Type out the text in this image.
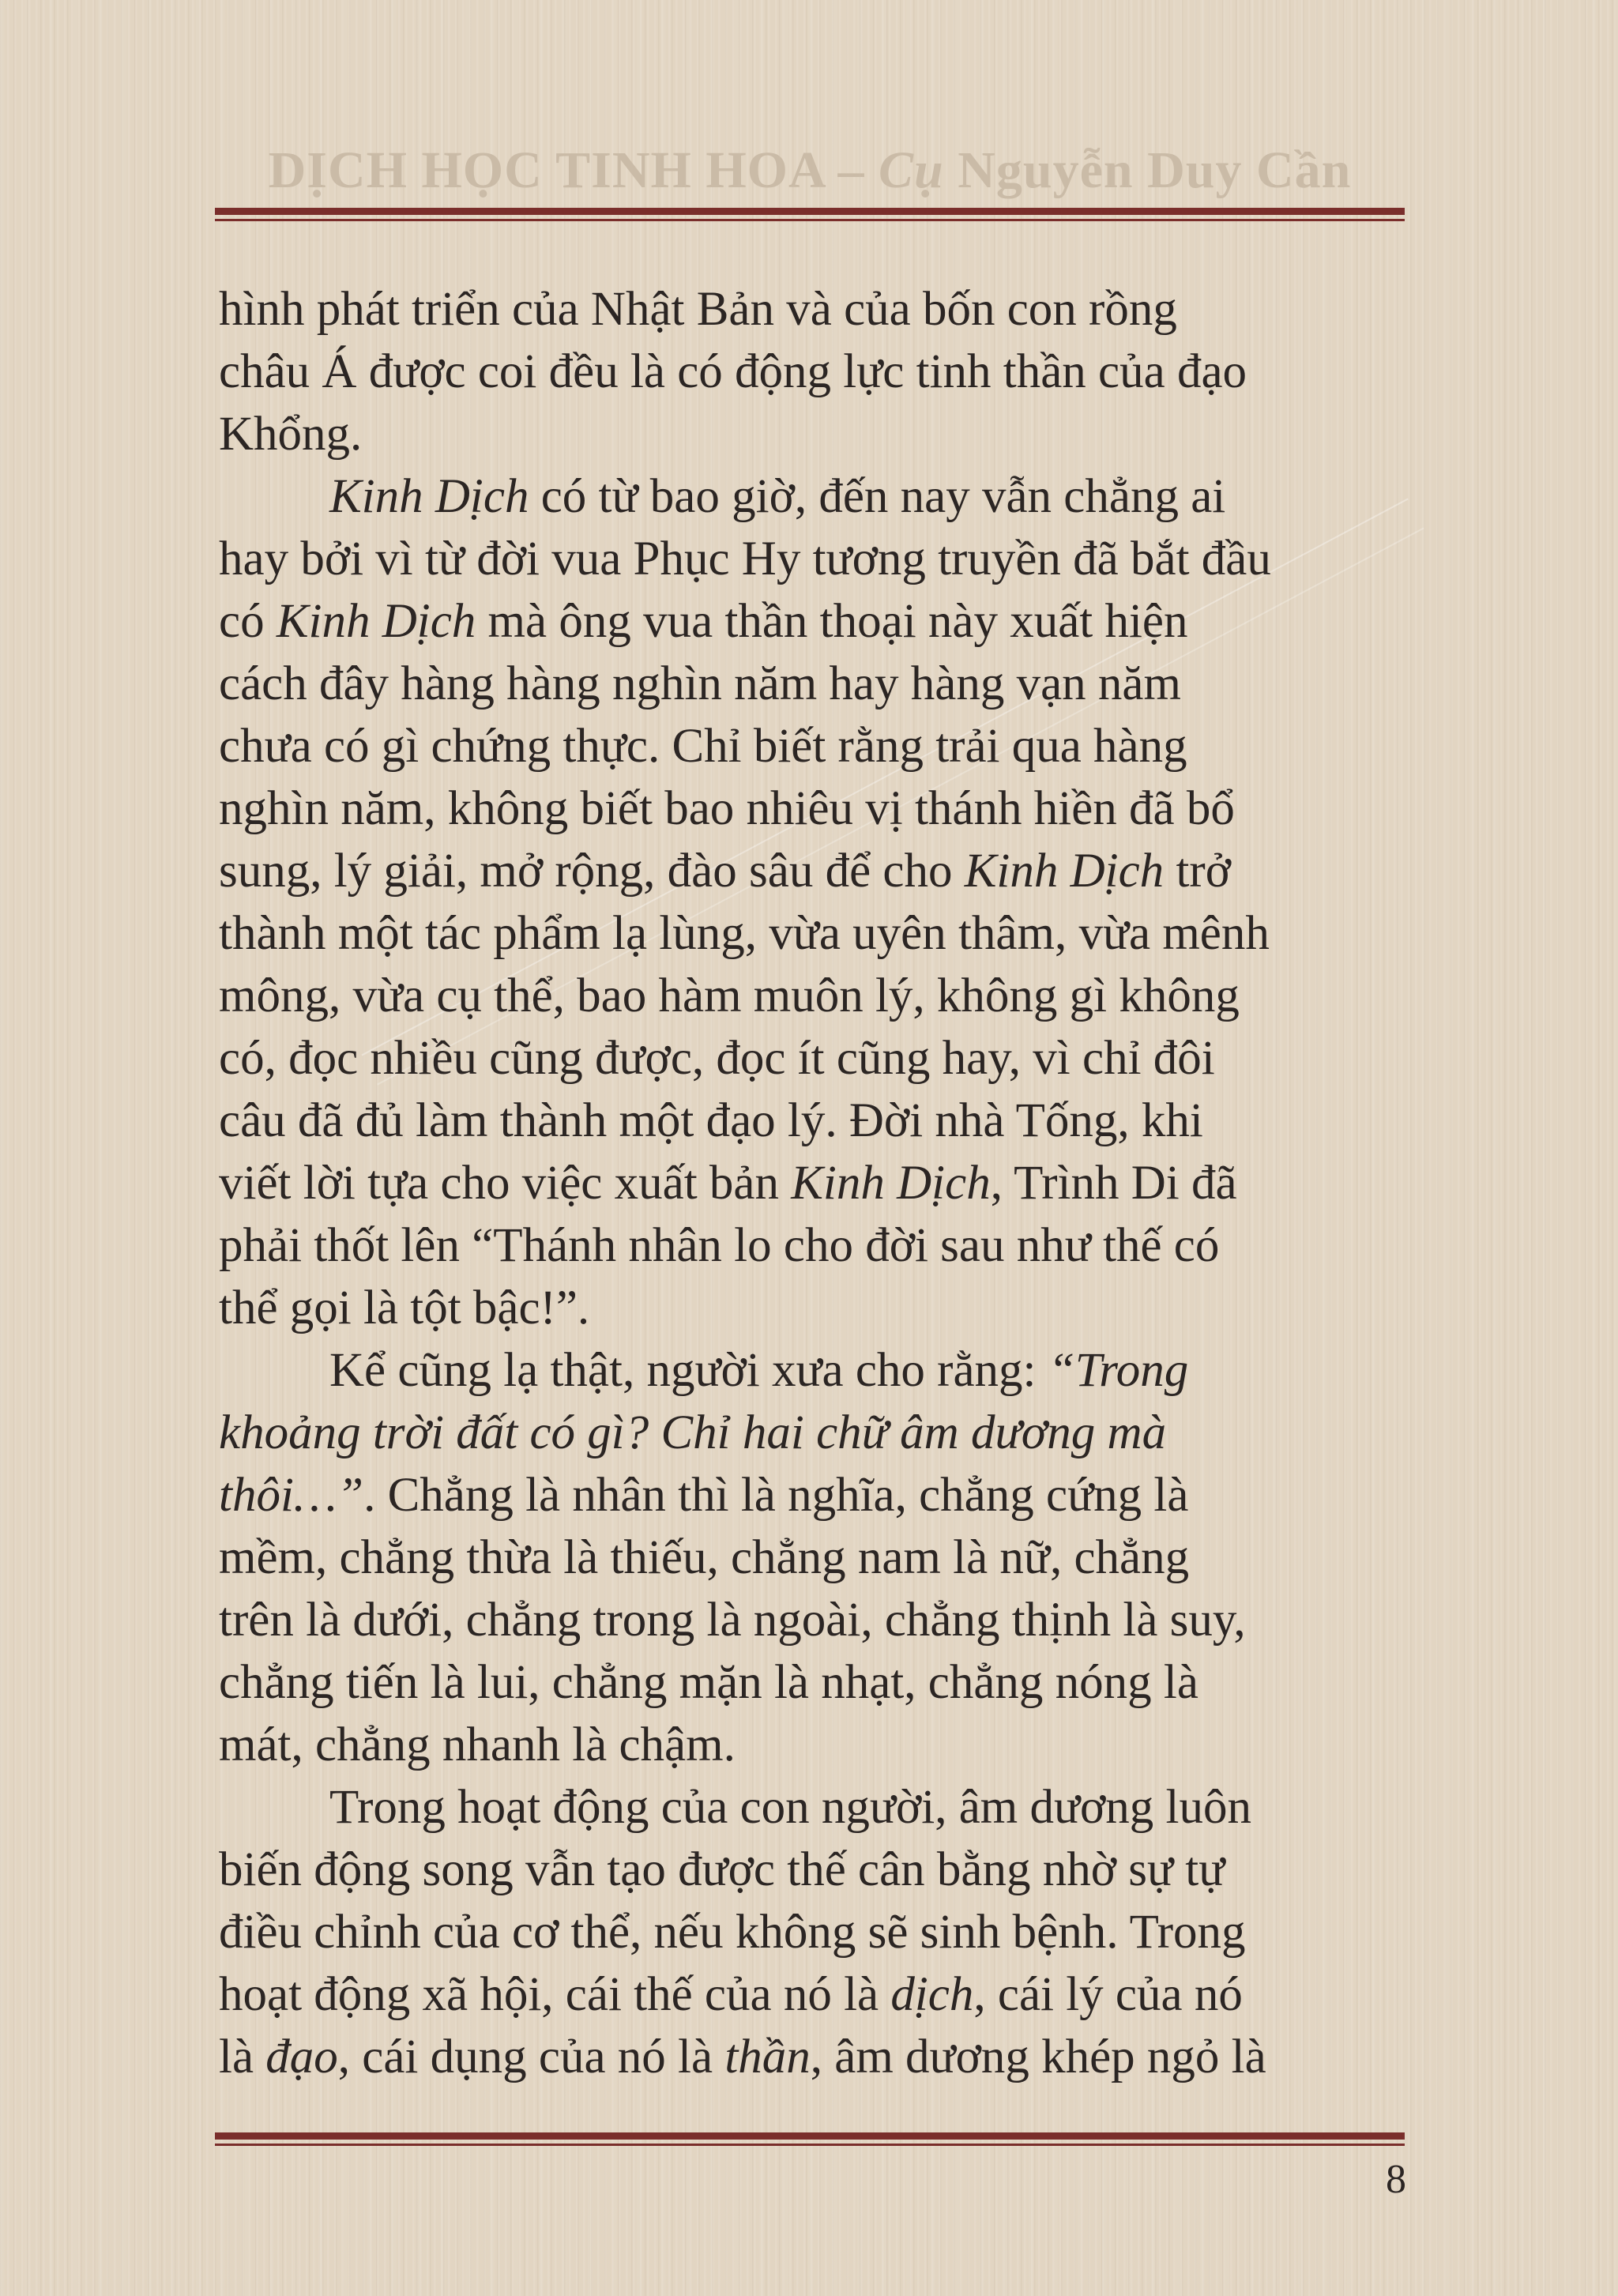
DỊCH HỌC TINH HOA – Cụ Nguyễn Duy Cần
hình phát triển của Nhật Bản và của bốn con rồng
châu Á được coi đều là có động lực tinh thần của đạo
Khổng.
Kinh Dịch có từ bao giờ, đến nay vẫn chẳng ai
hay bởi vì từ đời vua Phục Hy tương truyền đã bắt đầu
có Kinh Dịch mà ông vua thần thoại này xuất hiện
cách đây hàng hàng nghìn năm hay hàng vạn năm
chưa có gì chứng thực. Chỉ biết rằng trải qua hàng
nghìn năm, không biết bao nhiêu vị thánh hiền đã bổ
sung, lý giải, mở rộng, đào sâu để cho Kinh Dịch trở
thành một tác phẩm lạ lùng, vừa uyên thâm, vừa mênh
mông, vừa cụ thể, bao hàm muôn lý, không gì không
có, đọc nhiều cũng được, đọc ít cũng hay, vì chỉ đôi
câu đã đủ làm thành một đạo lý. Đời nhà Tống, khi
viết lời tựa cho việc xuất bản Kinh Dịch, Trình Di đã
phải thốt lên “Thánh nhân lo cho đời sau như thế có
thể gọi là tột bậc!”.
Kể cũng lạ thật, người xưa cho rằng: “Trong
khoảng trời đất có gì? Chỉ hai chữ âm dương mà
thôi…”. Chẳng là nhân thì là nghĩa, chẳng cứng là
mềm, chẳng thừa là thiếu, chẳng nam là nữ, chẳng
trên là dưới, chẳng trong là ngoài, chẳng thịnh là suy,
chẳng tiến là lui, chẳng mặn là nhạt, chẳng nóng là
mát, chẳng nhanh là chậm.
Trong hoạt động của con người, âm dương luôn
biến động song vẫn tạo được thế cân bằng nhờ sự tự
điều chỉnh của cơ thể, nếu không sẽ sinh bệnh. Trong
hoạt động xã hội, cái thế của nó là dịch, cái lý của nó
là đạo, cái dụng của nó là thần, âm dương khép ngỏ là
8
